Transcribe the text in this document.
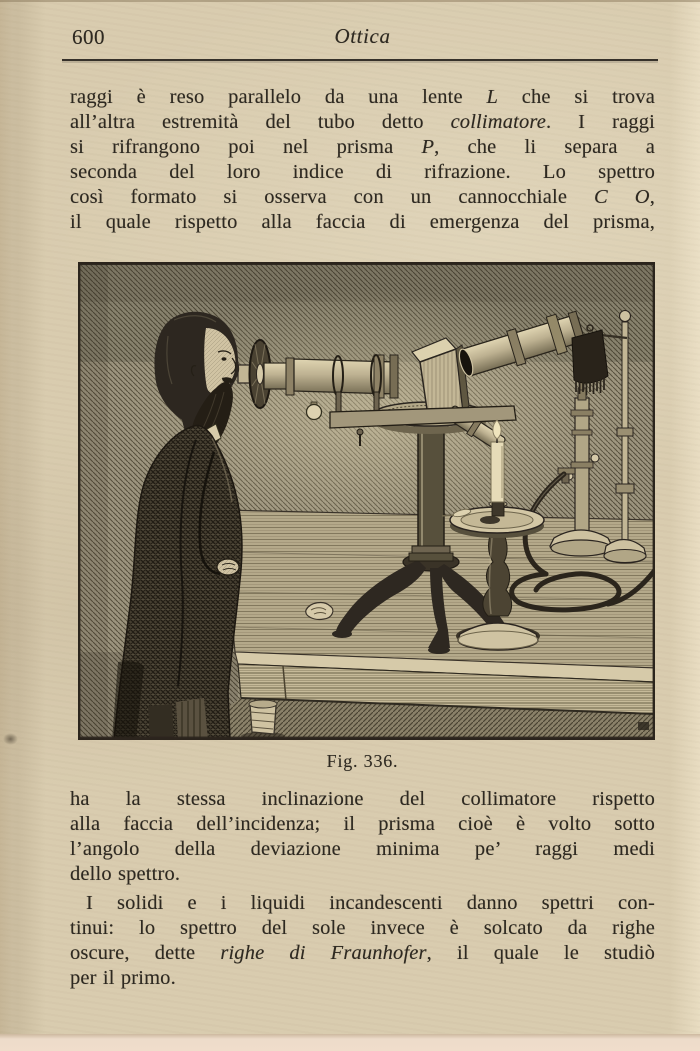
600	Ottica
raggi è reso parallelo da una lente L che si trova
all’altra estremità del tubo detto collimatore. I raggi
si rifrangono poi nel prisma P, che li separa a
seconda del loro indice di rifrazione. Lo spettro
così formato si osserva con un cannocchiale C O,
il quale rispetto alla faccia di emergenza del prisma,
Fig. 336.
ha la stessa inclinazione del collimatore rispetto
alla faccia dell’incidenza; il prisma cioè è volto sotto
l’angolo della deviazione minima pe’ raggi medi
dello spettro.
I solidi e i liquidi incandescenti danno spettri con-
tinui: lo spettro del sole invece è solcato da righe
oscure, dette righe di Fraunhofer, il quale le studiò
per il primo.
